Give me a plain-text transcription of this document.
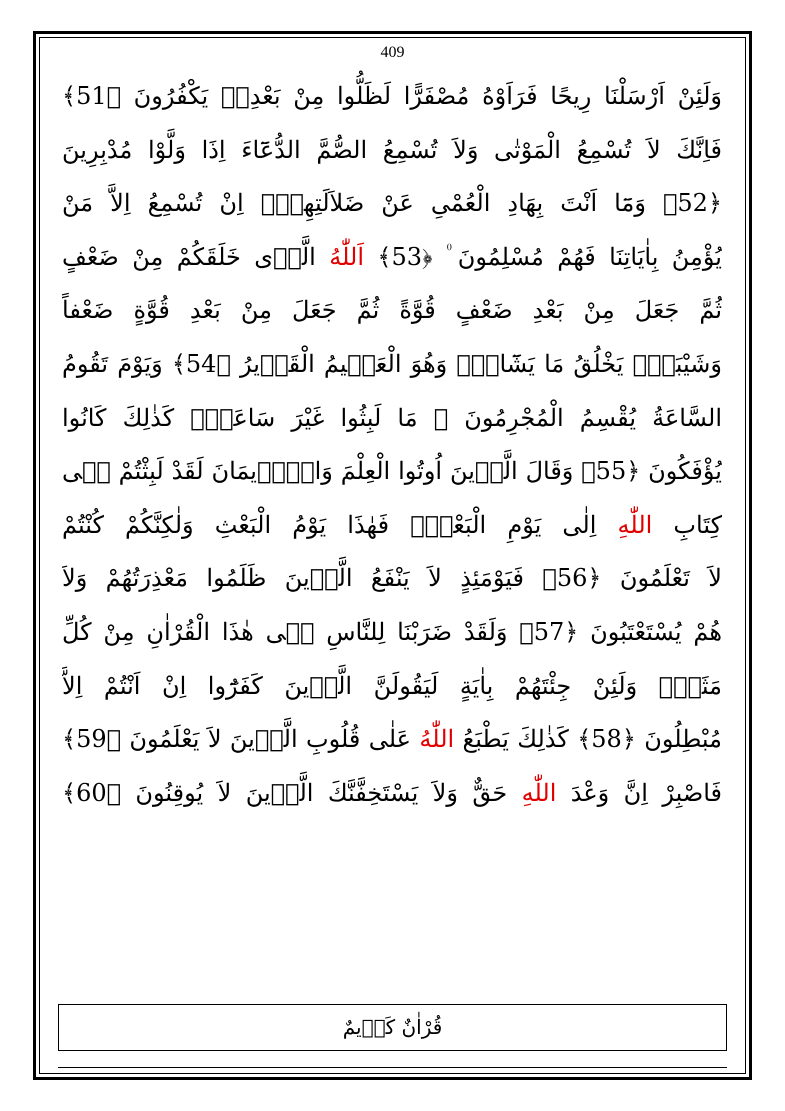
409
وَلَئِنْ اَرْسَلْنَا رِيحًا فَرَاَوْهُ مُصْفَرًّا لَظَلُّوا مِنْ بَعْدِهٖ يَكْفُرُونَ ﴿51﴾
فَاِنَّكَ لاَ تُسْمِعُ الْمَوْتٰى وَلاَ تُسْمِعُ الصُّمَّ الدُّعَٓاءَ اِذَا وَلَّوْا مُدْبِرِينَ
﴿52﴾ وَمَٓا اَنْتَ بِهَادِ الْعُمْىِ عَنْ ضَلاَلَتِهِمْۜ اِنْ تُسْمِعُ اِلاَّ مَنْ
يُؤْمِنُ بِاٰيَاتِنَا فَهُمْ مُسْلِمُونَ ۠ ﴿53﴾ اَللّٰهُ الَّذٖى خَلَقَكُمْ مِنْ ضَعْفٍ
ثُمَّ جَعَلَ مِنْ بَعْدِ ضَعْفٍ قُوَّةً ثُمَّ جَعَلَ مِنْ بَعْدِ قُوَّةٍ ضَعْفاً
وَشَيْبَةًۜ يَخْلُقُ مَا يَشَٓاءُۚ وَهُوَ الْعَلٖيمُ الْقَدٖيرُ ﴿54﴾ وَيَوْمَ تَقُومُ
السَّاعَةُ يُقْسِمُ الْمُجْرِمُونَ ۙ مَا لَبِثُوا غَيْرَ سَاعَةٍۜ كَذٰلِكَ كَانُوا
يُؤْفَكُونَ ﴿55﴾ وَقَالَ الَّذٖينَ اُوتُوا الْعِلْمَ وَالْاٖيمَانَ لَقَدْ لَبِثْتُمْ فٖى
كِتَابِ اللّٰهِ اِلٰى يَوْمِ الْبَعْثِۘ فَهٰذَا يَوْمُ الْبَعْثِ وَلٰكِنَّكُمْ كُنْتُمْ
لاَ تَعْلَمُونَ ﴿56﴾ فَيَوْمَئِذٍ لاَ يَنْفَعُ الَّذٖينَ ظَلَمُوا مَعْذِرَتُهُمْ وَلاَ
هُمْ يُسْتَعْتَبُونَ ﴿57﴾ وَلَقَدْ ضَرَبْنَا لِلنَّاسِ فٖى هٰذَا الْقُرْاٰنِ مِنْ كُلِّ
مَثَلٍۜ وَلَئِنْ جِئْتَهُمْ بِاٰيَةٍ لَيَقُولَنَّ الَّذٖينَ كَفَرُٓوا اِنْ اَنْتُمْ اِلاَّ
مُبْطِلُونَ ﴿58﴾ كَذٰلِكَ يَطْبَعُ اللّٰهُ عَلٰى قُلُوبِ الَّذٖينَ لاَ يَعْلَمُونَ ﴿59﴾
فَاصْبِرْ اِنَّ وَعْدَ اللّٰهِ حَقٌّ وَلاَ يَسْتَخِفَّنَّكَ الَّذٖينَ لاَ يُوقِنُونَ ﴿60﴾
قُرْاٰنٌ كَرٖيمٌ
